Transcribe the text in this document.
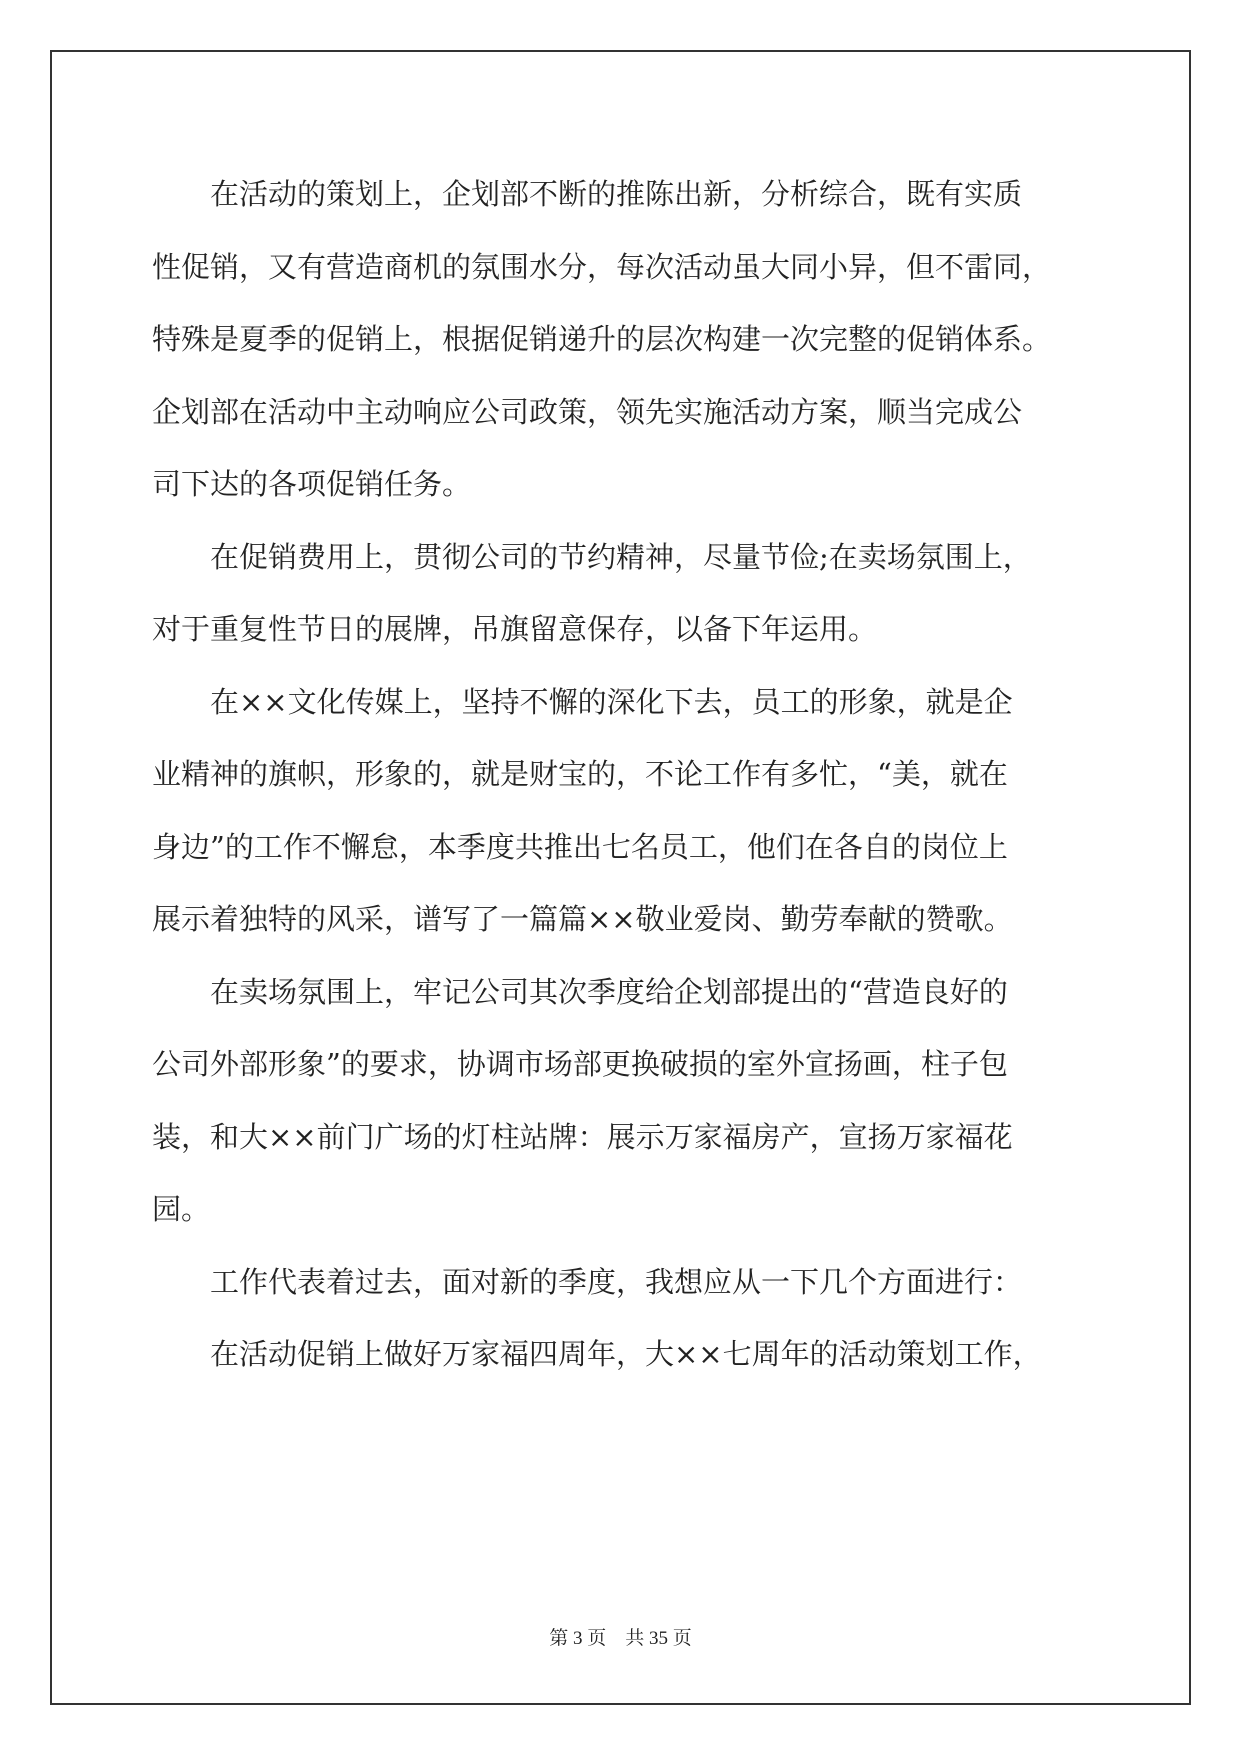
　　在活动的策划上，企划部不断的推陈出新，分析综合，既有实质
性促销，又有营造商机的氛围水分，每次活动虽大同小异，但不雷同，
特殊是夏季的促销上，根据促销递升的层次构建一次完整的促销体系。
企划部在活动中主动响应公司政策，领先实施活动方案，顺当完成公
司下达的各项促销任务。
　　在促销费用上，贯彻公司的节约精神，尽量节俭;在卖场氛围上，
对于重复性节日的展牌，吊旗留意保存，以备下年运用。
　　在××文化传媒上，坚持不懈的深化下去，员工的形象，就是企
业精神的旗帜，形象的，就是财宝的，不论工作有多忙，“美，就在
身边”的工作不懈怠，本季度共推出七名员工，他们在各自的岗位上
展示着独特的风采，谱写了一篇篇××敬业爱岗、勤劳奉献的赞歌。
　　在卖场氛围上，牢记公司其次季度给企划部提出的“营造良好的
公司外部形象”的要求，协调市场部更换破损的室外宣扬画，柱子包
装，和大××前门广场的灯柱站牌：展示万家福房产，宣扬万家福花
园。
　　工作代表着过去，面对新的季度，我想应从一下几个方面进行：
　　在活动促销上做好万家福四周年，大××七周年的活动策划工作，
第 3 页 共 35 页
